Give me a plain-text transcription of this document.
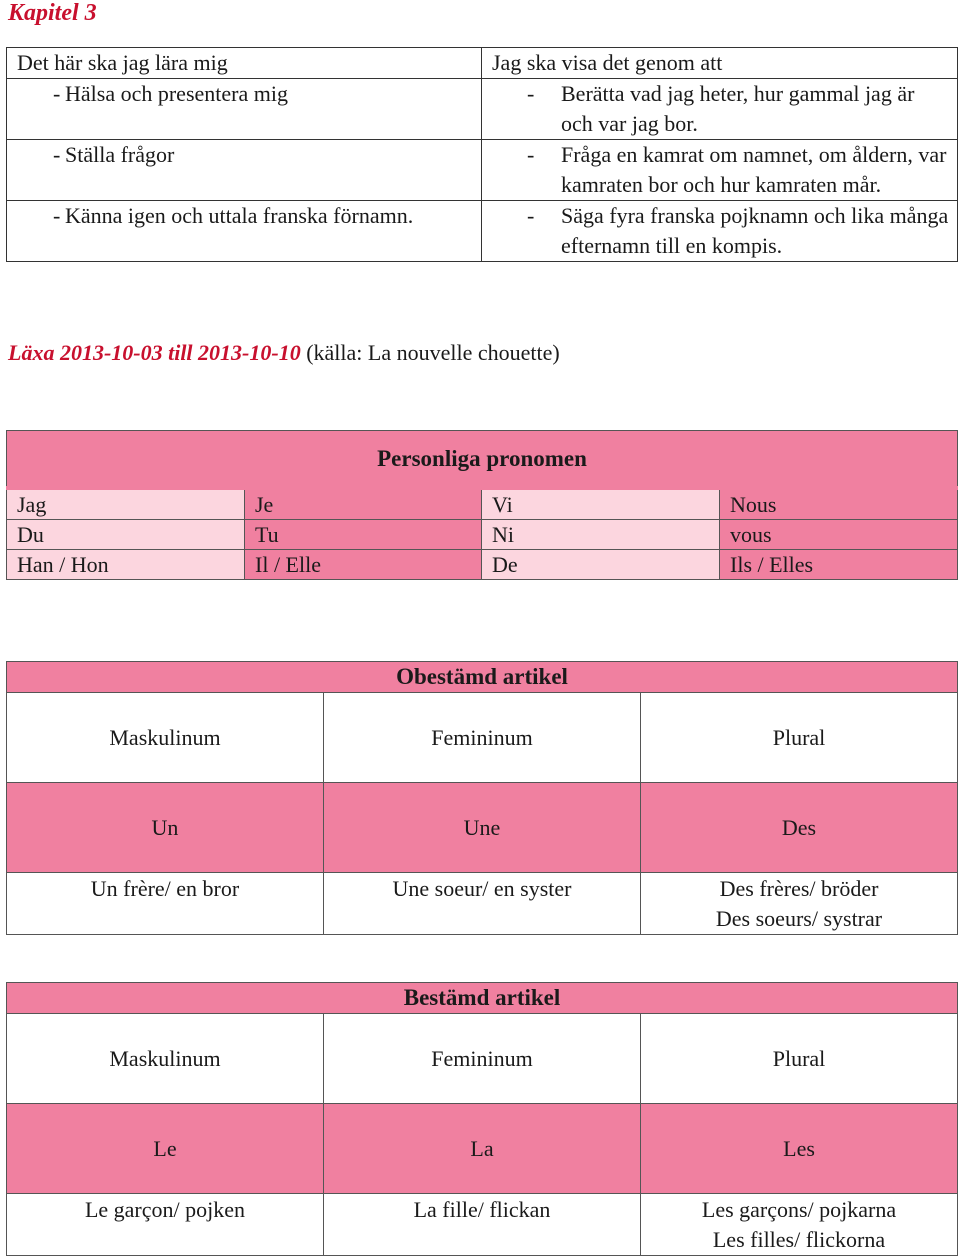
Kapitel 3
Det här ska jag lära mig	Jag ska visa det genom att

- Hälsa och presentera mig	- Berätta vad jag heter, hur gammal jag är och var jag bor.

- Ställa frågor	- Fråga en kamrat om namnet, om åldern, var kamraten bor och hur kamraten mår.

- Känna igen och uttala franska förnamn.	- Säga fyra franska pojknamn och lika många efternamn till en kompis.
Läxa 2013-10-03 till 2013-10-10 (källa: La nouvelle chouette)
Personliga pronomen			
Jag	Je	Vi	Nous
Du	Tu	Ni	vous
Han / Hon	Il / Elle	De	Ils / Elles
Obestämd artikel		
Maskulinum	Femininum	Plural
Un	Une	Des

Un frère/ en bror	Une soeur/ en syster	Des frères/ bröder
Des soeurs/ systrar
Bestämd artikel		
Maskulinum	Femininum	Plural
Le	La	Les

Le garçon/ pojken	La fille/ flickan	Les garçons/ pojkarna
Les filles/ flickorna
